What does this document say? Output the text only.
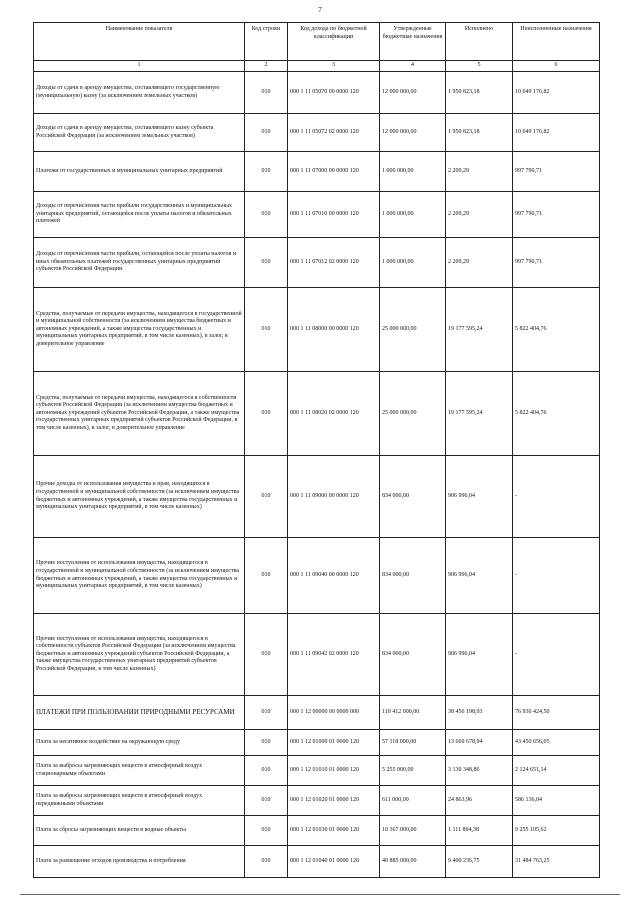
7
Наименование показателя	Код строки	Код дохода по бюджетной классификации	Утвержденные бюджетные назначения	Исполнено	Неисполненные назначения
1	2	3	4	5	6
Доходы от сдачи в аренду имущества, составляющего государственную (муниципальную) казну (за исключением земельных участков)	010	000 1 11 05070 00 0000 120	12 000 000,00	1 950 823,18	10 049 176,82
Доходы от сдачи в аренду имущества, составляющего казну субъекта Российской Федерации (за исключением земельных участков)	010	000 1 11 05072 02 0000 120	12 000 000,00	1 950 823,18	10 049 176,82
Платежи от государственных и муниципальных унитарных предприятий	010	000 1 11 07000 00 0000 120	1 000 000,00	2 209,29	997 790,71
Доходы от перечисления части прибыли государственных и муниципальных унитарных предприятий, остающейся после уплаты налогов и обязательных платежей	010	000 1 11 07010 00 0000 120	1 000 000,00	2 209,29	997 790,71
Доходы от перечисления части прибыли, остающейся после уплаты налогов и иных обязательных платежей государственных унитарных предприятий субъектов Российской Федерации	010	000 1 11 07012 02 0000 120	1 000 000,00	2 209,29	997 790,71
Средства, получаемые от передачи имущества, находящегося в государственной и муниципальной собственности (за исключением имущества бюджетных и автономных учреждений, а также имущества государственных и муниципальных унитарных предприятий, в том числе казенных), в залог, в доверительное управление	010	000 1 11 08000 00 0000 120	25 000 000,00	19 177 595,24	5 822 404,76
Средства, получаемые от передачи имущества, находящегося в собственности субъектов Российской Федерации (за исключением имущества бюджетных и автономных учреждений субъектов Российской Федерации, а также имущества государственных унитарных предприятий субъектов Российской Федерации, в том числе казенных), в залог, в доверительное управление	010	000 1 11 08020 02 0000 120	25 000 000,00	19 177 595,24	5 822 404,76
Прочие доходы от использования имущества и прав, находящихся в государственной и муниципальной собственности (за исключением имущества бюджетных и автономных учреждений, а также имущества государственных и муниципальных унитарных предприятий, в том числе казенных)	010	000 1 11 09000 00 0000 120	834 000,00	906 996,04	-
Прочие поступления от использования имущества, находящегося в государственной и муниципальной собственности (за исключением имущества бюджетных и автономных учреждений, а также имущества государственных и муниципальных унитарных предприятий, в том числе казенных)	010	000 1 11 09040 00 0000 120	834 000,00	906 996,04	-
Прочие поступления от использования имущества, находящегося в собственности субъектов Российской Федерации (за исключением имущества бюджетных и автономных учреждений субъектов Российской Федерации, а также имущества государственных унитарных предприятий субъектов Российской Федерации, в том числе казенных)	010	000 1 11 09042 02 0000 120	834 000,00	906 996,04	-
ПЛАТЕЖИ ПРИ ПОЛЬЗОВАНИИ ПРИРОДНЫМИ РЕСУРСАМИ	010	000 1 12 00000 00 0000 000	110 412 000,00	38 456 198,93	76 930 424,50
Плата за негативное воздействие на окружающую среду	010	000 1 12 01000 01 0000 120	57 118 000,00	13 669 678,94	43 450 656,05
Плата за выбросы загрязняющих веществ в атмосферный воздух стационарными объектами	010	000 1 12 01010 01 0000 120	5 255 000,00	3 130 348,86	2 124 651,14
Плата за выбросы загрязняющих веществ в атмосферный воздух передвижными объектами	010	000 1 12 01020 01 0000 120	611 000,00	24 863,96	586 136,04
Плата за сбросы загрязняющих веществ в водные объекты	010	000 1 12 01030 01 0000 120	10 367 000,00	1 111 894,38	9 255 105,62
Плата за размещение отходов производства и потребления	010	000 1 12 01040 01 0000 120	40 885 000,00	9 400 236,75	31 484 763,25
